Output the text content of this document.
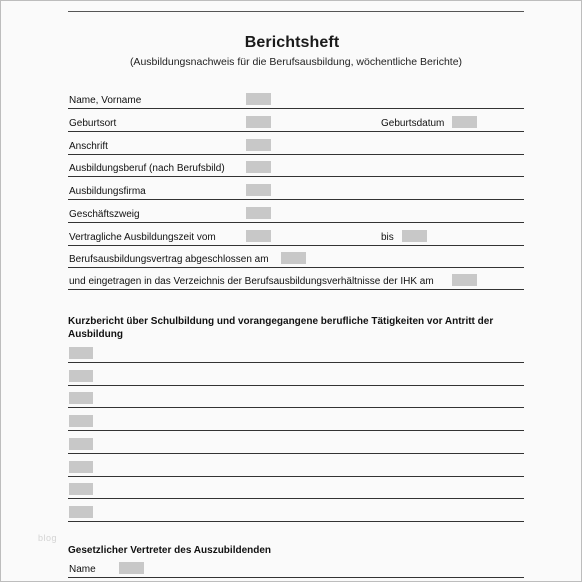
Berichtsheft
(Ausbildungsnachweis für die Berufsausbildung, wöchentliche Berichte)
Name, Vorname
Geburtsort	Geburtsdatum
Anschrift
Ausbildungsberuf (nach Berufsbild)
Ausbildungsfirma
Geschäftszweig
Vertragliche Ausbildungszeit vom	bis
Berufsausbildungsvertrag abgeschlossen am
und eingetragen in das Verzeichnis der Berufsausbildungsverhältnisse der IHK am
Kurzbericht über Schulbildung und vorangegangene berufliche Tätigkeiten vor Antritt der Ausbildung
blog
Gesetzlicher Vertreter des Auszubildenden
Name
